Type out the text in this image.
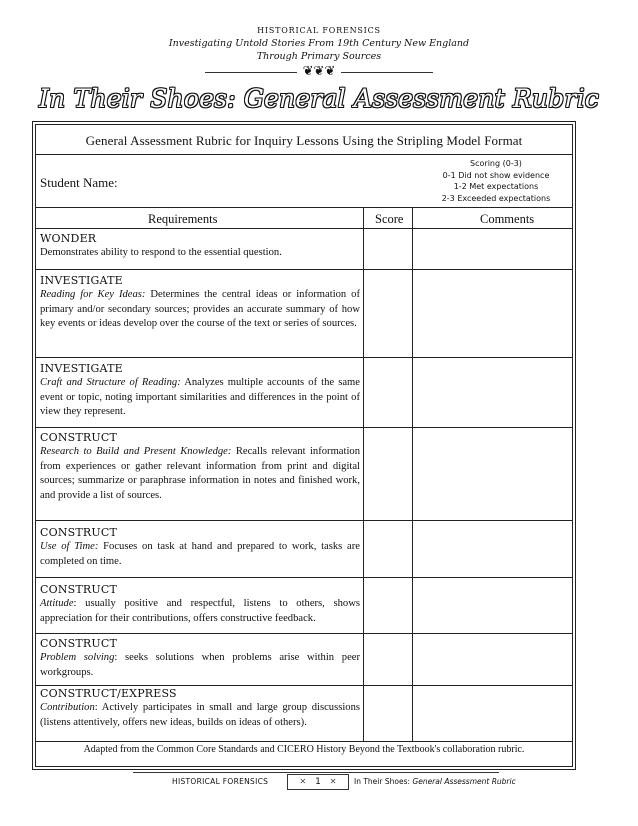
HISTORICAL FORENSICS
Investigating Untold Stories From 19th Century New England
Through Primary Sources
❦❦❦
In Their Shoes: General Assessment Rubric
General Assessment Rubric for Inquiry Lessons Using the Stripling Model Format
Student Name:
Scoring (0-3)
0-1 Did not show evidence
1-2 Met expectations
2-3 Exceeded expectations
Requirements	Score	Comments
WONDER
Demonstrates ability to respond to the essential question.
INVESTIGATE
Reading for Key Ideas: Determines the central ideas or information of primary and/or secondary sources; provides an accurate summary of how key events or ideas develop over the course of the text or series of sources.
INVESTIGATE
Craft and Structure of Reading: Analyzes multiple accounts of the same event or topic, noting important similarities and differences in the point of view they represent.
CONSTRUCT
Research to Build and Present Knowledge: Recalls relevant information from experiences or gather relevant information from print and digital sources; summarize or paraphrase information in notes and finished work, and provide a list of sources.
CONSTRUCT
Use of Time: Focuses on task at hand and prepared to work, tasks are completed on time.
CONSTRUCT
Attitude: usually positive and respectful, listens to others, shows appreciation for their contributions, offers constructive feedback.
CONSTRUCT
Problem solving: seeks solutions when problems arise within peer workgroups.
CONSTRUCT/EXPRESS
Contribution: Actively participates in small and large group discussions (listens attentively, offers new ideas, builds on ideas of others).
Adapted from the Common Core Standards and CICERO History Beyond the Textbook's collaboration rubric.
HISTORICAL FORENSICS	✕ 1 ✕	In Their Shoes: General Assessment Rubric
